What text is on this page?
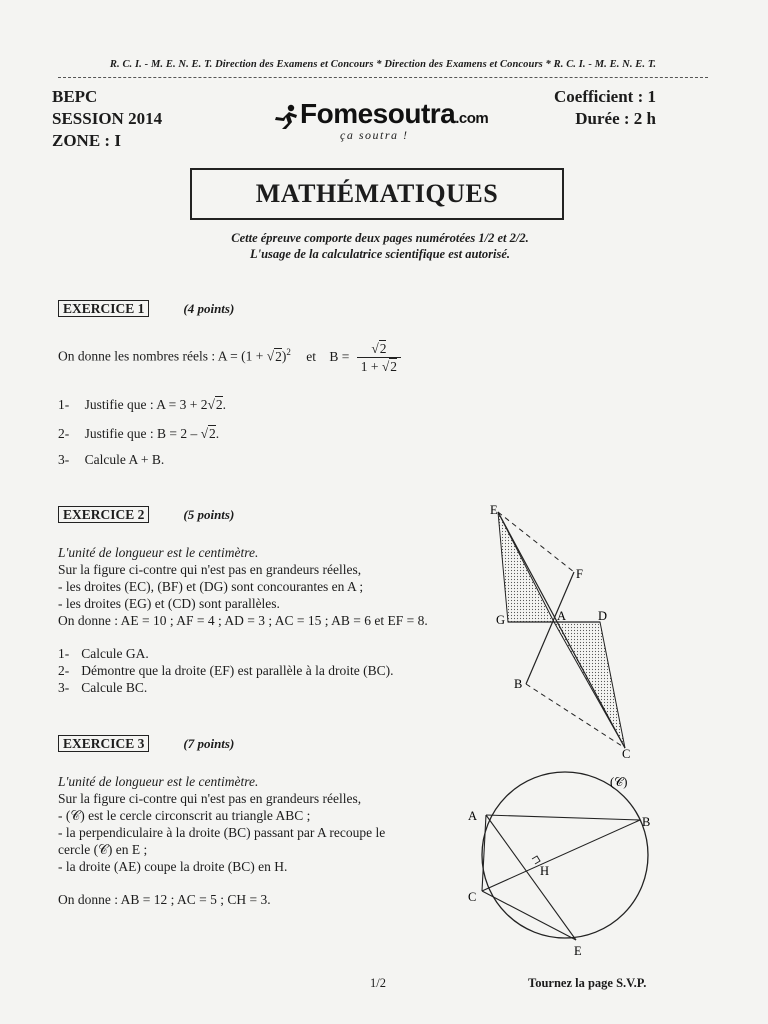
R. C. I. - M. E. N. E. T. Direction des Examens et Concours * Direction des Examens et Concours * R. C. I. - M. E. N. E. T.
BEPC
SESSION 2014
ZONE : I
Coefficient : 1
Durée : 2 h
Fomesoutra.com
ça soutra !
MATHÉMATIQUES
Cette épreuve comporte deux pages numérotées 1/2 et 2/2.
L'usage de la calculatrice scientifique est autorisé.
EXERCICE 1	(4 points)
On donne les nombres réels : $A = (1 + √2)^2$ et $B = \frac{√2}{1 + √2}$
1- Justifie que : A = 3 + 2√2.
2- Justifie que : B = 2 – √2.
3- Calcule A + B.
EXERCICE 2	(5 points)
L'unité de longueur est le centimètre.
Sur la figure ci-contre qui n'est pas en grandeurs réelles,
- les droites (EC), (BF) et (DG) sont concourantes en A ;
- les droites (EG) et (CD) sont parallèles.
On donne : AE = 10 ; AF = 4 ; AD = 3 ; AC = 15 ; AB = 6 et EF = 8.
1- Calcule GA.
2- Démontre que la droite (EF) est parallèle à la droite (BC).
3- Calcule BC.
E
F
G	A	D
B
C
EXERCICE 3	(7 points)
L'unité de longueur est le centimètre.
Sur la figure ci-contre qui n'est pas en grandeurs réelles,
- (𝒞) est le cercle circonscrit au triangle ABC ;
- la perpendiculaire à la droite (BC) passant par A recoupe le
cercle (𝒞) en E ;
- la droite (AE) coupe la droite (BC) en H.
On donne : AB = 12 ; AC = 5 ; CH = 3.
(𝒞)
A	B
C
H
E
1/2	Tournez la page S.V.P.
